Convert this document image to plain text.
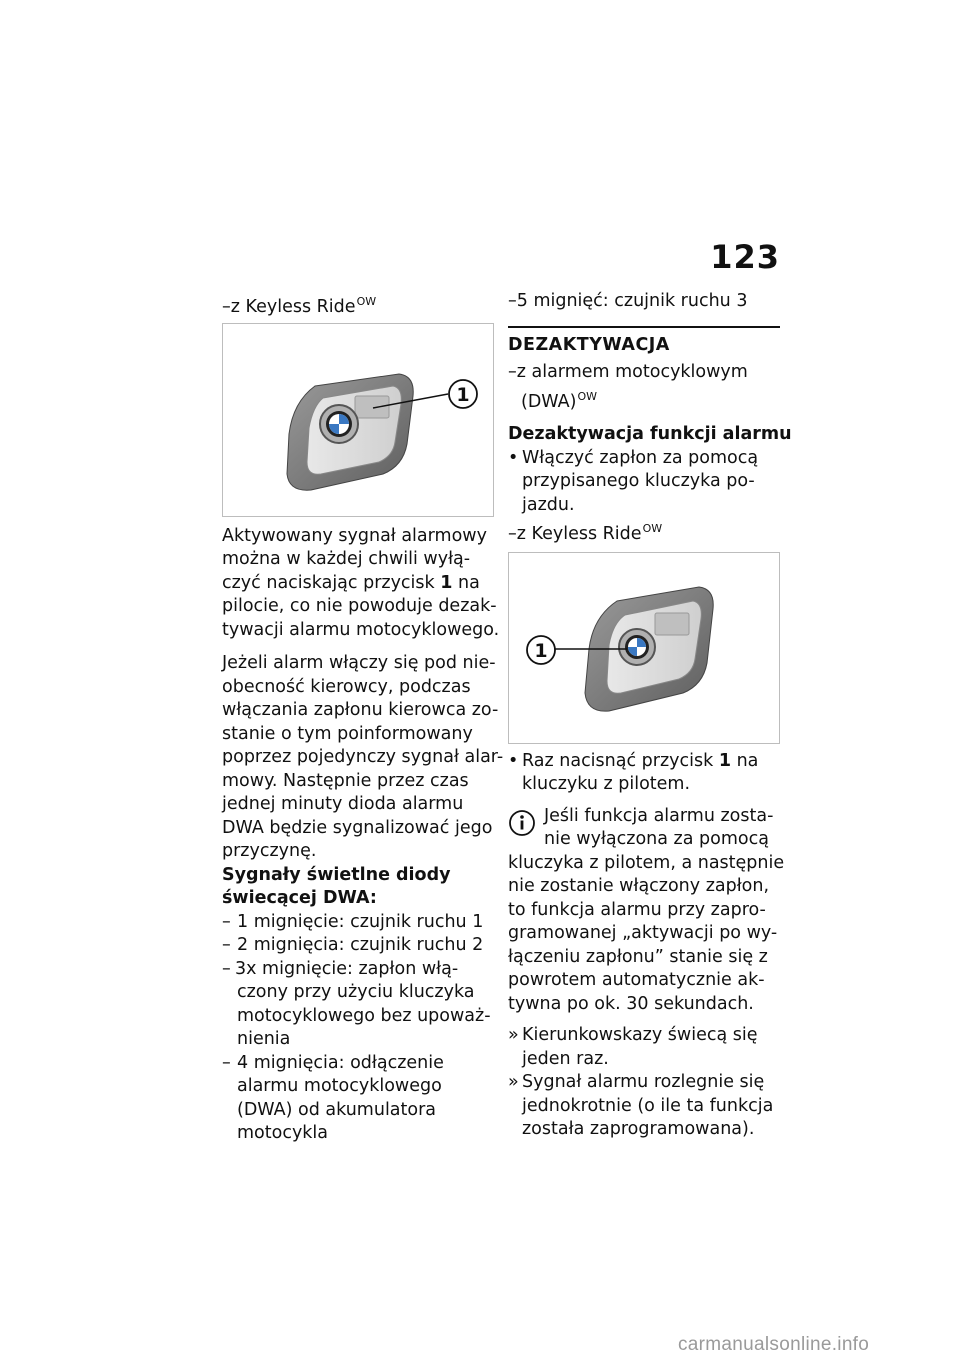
123
–z Keyless Ride$^{OW}$
1
Aktywowany sygnał alarmowy
można w każdej chwili wyłą-
czyć naciskając przycisk 1 na
pilocie, co nie powoduje dezak-
tywacji alarmu motocyklowego.
Jeżeli alarm włączy się pod nie-
obecność kierowcy, podczas
włączania zapłonu kierowca zo-
stanie o tym poinformowany
poprzez pojedynczy sygnał alar-
mowy. Następnie przez czas
jednej minuty dioda alarmu
DWA będzie sygnalizować jego
przyczynę.
Sygnały świetlne diody
świecącej DWA:
– 1 mignięcie: czujnik ruchu 1
– 2 mignięcia: czujnik ruchu 2
– 3x mignięcie: zapłon włą-
czony przy użyciu kluczyka
motocyklowego bez upoważ-
nienia
– 4 mignięcia: odłączenie
alarmu motocyklowego
(DWA) od akumulatora
motocykla
–5 mignięć: czujnik ruchu 3
DEZAKTYWACJA
–z alarmem motocyklowym
(DWA)$^{OW}$
Dezaktywacja funkcji alarmu
• Włączyć zapłon za pomocą
przypisanego kluczyka po-
jazdu.
–z Keyless Ride$^{OW}$
1
• Raz nacisnąć przycisk 1 na
kluczyku z pilotem.
Jeśli funkcja alarmu zosta-
nie wyłączona za pomocą
kluczyka z pilotem, a następnie
nie zostanie włączony zapłon,
to funkcja alarmu przy zapro-
gramowanej „aktywacji po wy-
łączeniu zapłonu” stanie się z
powrotem automatycznie ak-
tywna po ok. 30 sekundach.
» Kierunkowskazy świecą się
jeden raz.
» Sygnał alarmu rozlegnie się
jednokrotnie (o ile ta funkcja
została zaprogramowana).
carmanualsonline.info
